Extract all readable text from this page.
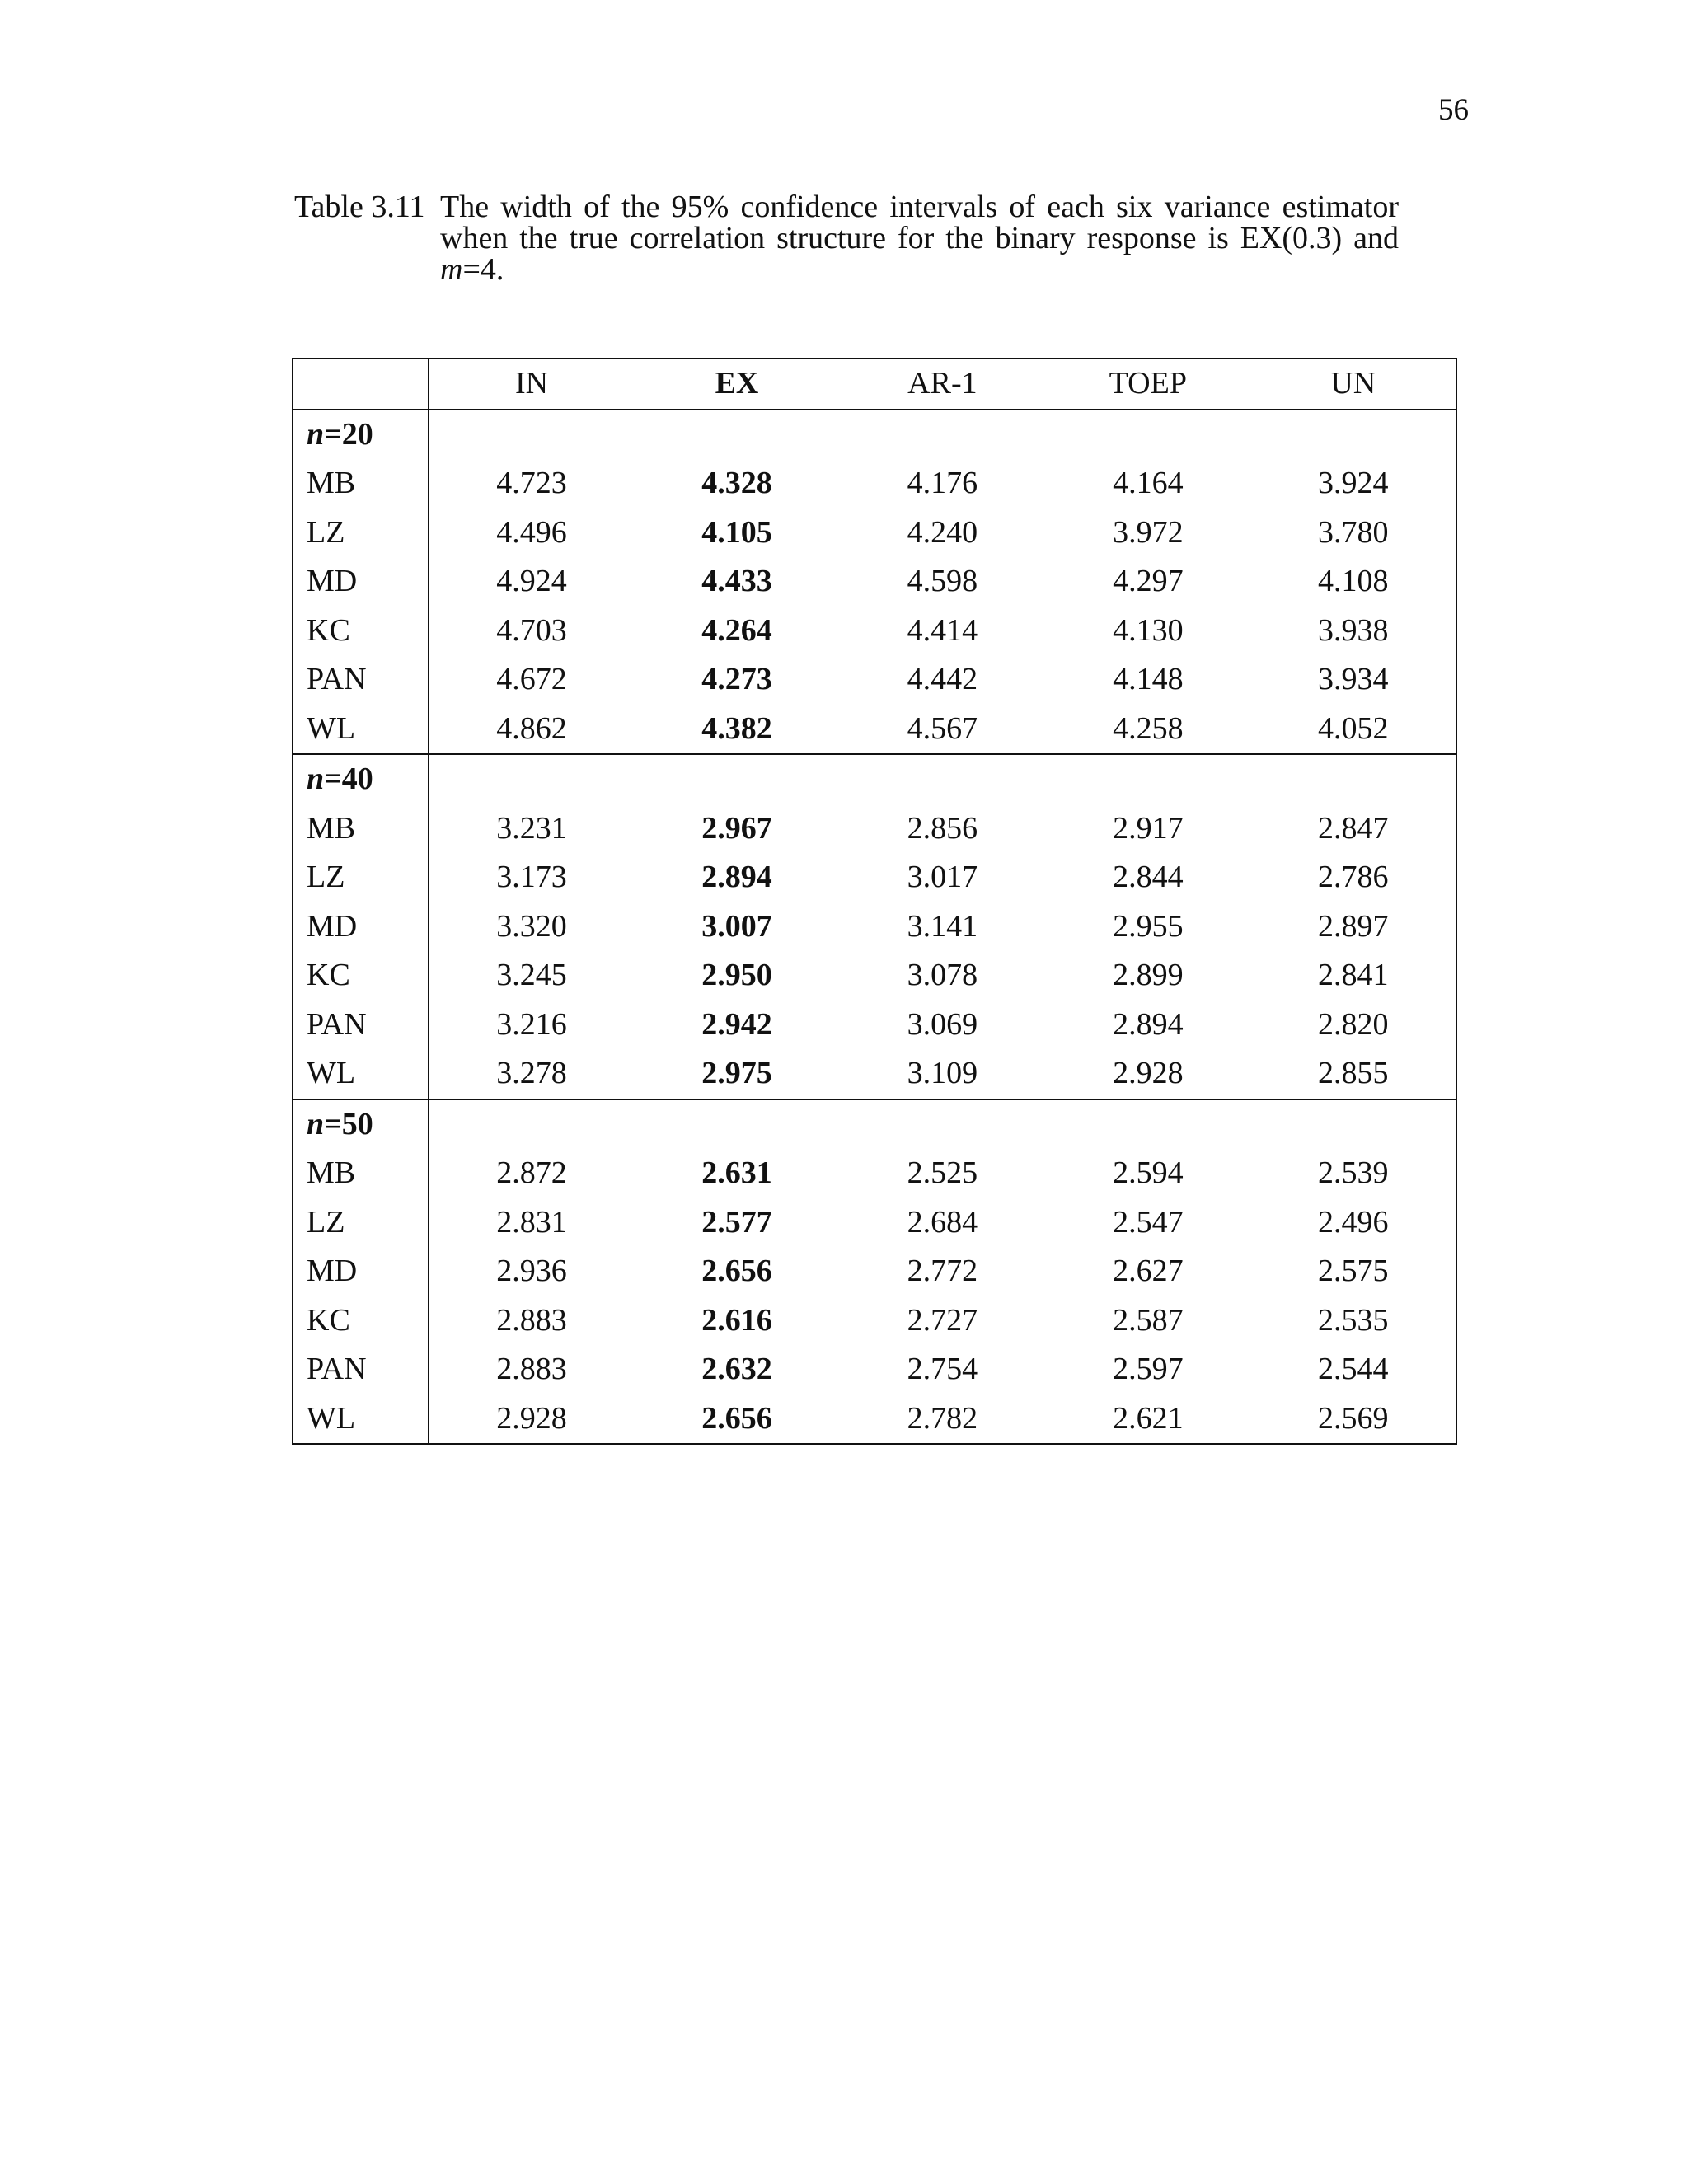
56
Table 3.11 The width of the 95% confidence intervals of each six variance estimator
when the true correlation structure for the binary response is EX(0.3) and
m=4.
	IN	EX	AR-1	TOEP	UN
n=20					
MB	4.723	4.328	4.176	4.164	3.924
LZ	4.496	4.105	4.240	3.972	3.780
MD	4.924	4.433	4.598	4.297	4.108
KC	4.703	4.264	4.414	4.130	3.938
PAN	4.672	4.273	4.442	4.148	3.934
WL	4.862	4.382	4.567	4.258	4.052
n=40					
MB	3.231	2.967	2.856	2.917	2.847
LZ	3.173	2.894	3.017	2.844	2.786
MD	3.320	3.007	3.141	2.955	2.897
KC	3.245	2.950	3.078	2.899	2.841
PAN	3.216	2.942	3.069	2.894	2.820
WL	3.278	2.975	3.109	2.928	2.855
n=50					
MB	2.872	2.631	2.525	2.594	2.539
LZ	2.831	2.577	2.684	2.547	2.496
MD	2.936	2.656	2.772	2.627	2.575
KC	2.883	2.616	2.727	2.587	2.535
PAN	2.883	2.632	2.754	2.597	2.544
WL	2.928	2.656	2.782	2.621	2.569
